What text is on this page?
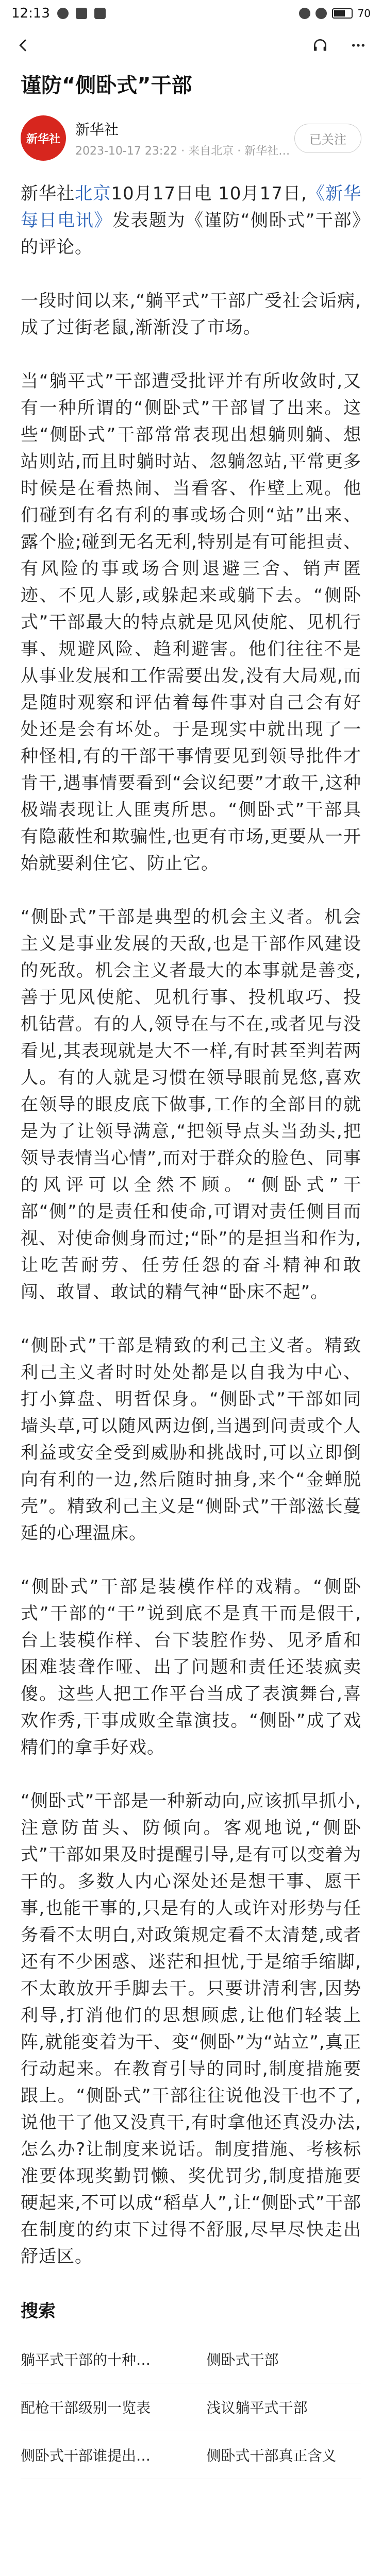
12:13	70
谨防“侧卧式”干部
新华社
新华社
2023-10-17 23:22 · 来自北京 · 新华社…
已关注

新华社北京10月17日电 10月17日,《新华每日电讯》发表题为《谨防“侧卧式”干部》的评论。

一段时间以来,“躺平式”干部广受社会诟病,成了过街老鼠,渐渐没了市场。

当“躺平式”干部遭受批评并有所收敛时,又有一种所谓的“侧卧式”干部冒了出来。这些“侧卧式”干部常常表现出想躺则躺、想站则站,而且时躺时站、忽躺忽站,平常更多时候是在看热闹、当看客、作壁上观。他们碰到有名有利的事或场合则“站”出来、露个脸;碰到无名无利,特别是有可能担责、有风险的事或场合则退避三舍、销声匿迹、不见人影,或躲起来或躺下去。“侧卧式”干部最大的特点就是见风使舵、见机行事、规避风险、趋利避害。他们往往不是从事业发展和工作需要出发,没有大局观,而是随时观察和评估着每件事对自己会有好处还是会有坏处。于是现实中就出现了一种怪相,有的干部干事情要见到领导批件才肯干,遇事情要看到“会议纪要”才敢干,这种极端表现让人匪夷所思。“侧卧式”干部具有隐蔽性和欺骗性,也更有市场,更要从一开始就要剎住它、防止它。

“侧卧式”干部是典型的机会主义者。机会主义是事业发展的天敌,也是干部作风建设的死敌。机会主义者最大的本事就是善变,善于见风使舵、见机行事、投机取巧、投机钻营。有的人,领导在与不在,或者见与没看见,其表现就是大不一样,有时甚至判若两人。有的人就是习惯在领导眼前晃悠,喜欢在领导的眼皮底下做事,工作的全部目的就是为了让领导满意,“把领导点头当劲头,把领导表情当心情”,而对于群众的脸色、同事的风评可以全然不顾。“侧卧式”干部“侧”的是责任和使命,可谓对责任侧目而视、对使命侧身而过;“卧”的是担当和作为,让吃苦耐劳、任劳任怨的奋斗精神和敢闯、敢冒、敢试的精气神“卧床不起”。

“侧卧式”干部是精致的利己主义者。精致利己主义者时时处处都是以自我为中心、打小算盘、明哲保身。“侧卧式”干部如同墙头草,可以随风两边倒,当遇到问责或个人利益或安全受到威胁和挑战时,可以立即倒向有利的一边,然后随时抽身,来个“金蝉脱壳”。精致利己主义是“侧卧式”干部滋长蔓延的心理温床。

“侧卧式”干部是装模作样的戏精。“侧卧式”干部的“干”说到底不是真干而是假干,台上装模作样、台下装腔作势、见矛盾和困难装聋作哑、出了问题和责任还装疯卖傻。这些人把工作平台当成了表演舞台,喜欢作秀,干事成败全靠演技。“侧卧”成了戏精们的拿手好戏。

“侧卧式”干部是一种新动向,应该抓早抓小,注意防苗头、防倾向。客观地说,“侧卧式”干部如果及时提醒引导,是有可以变着为干的。多数人内心深处还是想干事、愿干事,也能干事的,只是有的人或许对形势与任务看不太明白,对政策规定看不太清楚,或者还有不少困惑、迷茫和担忧,于是缩手缩脚,不太敢放开手脚去干。只要讲清利害,因势利导,打消他们的思想顾虑,让他们轻装上阵,就能变着为干、变“侧卧”为“站立”,真正行动起来。在教育引导的同时,制度措施要跟上。“侧卧式”干部往往说他没干也不了,说他干了他又没真干,有时拿他还真没办法,怎么办?让制度来说话。制度措施、考核标准要体现奖勤罚懒、奖优罚劣,制度措施要硬起来,不可以成“稻草人”,让“侧卧式”干部在制度的约束下过得不舒服,尽早尽快走出舒适区。

搜索
躺平式干部的十种…	侧卧式干部
配枪干部级别一览表	浅议躺平式干部
侧卧式干部谁提出…	侧卧式干部真正含义
